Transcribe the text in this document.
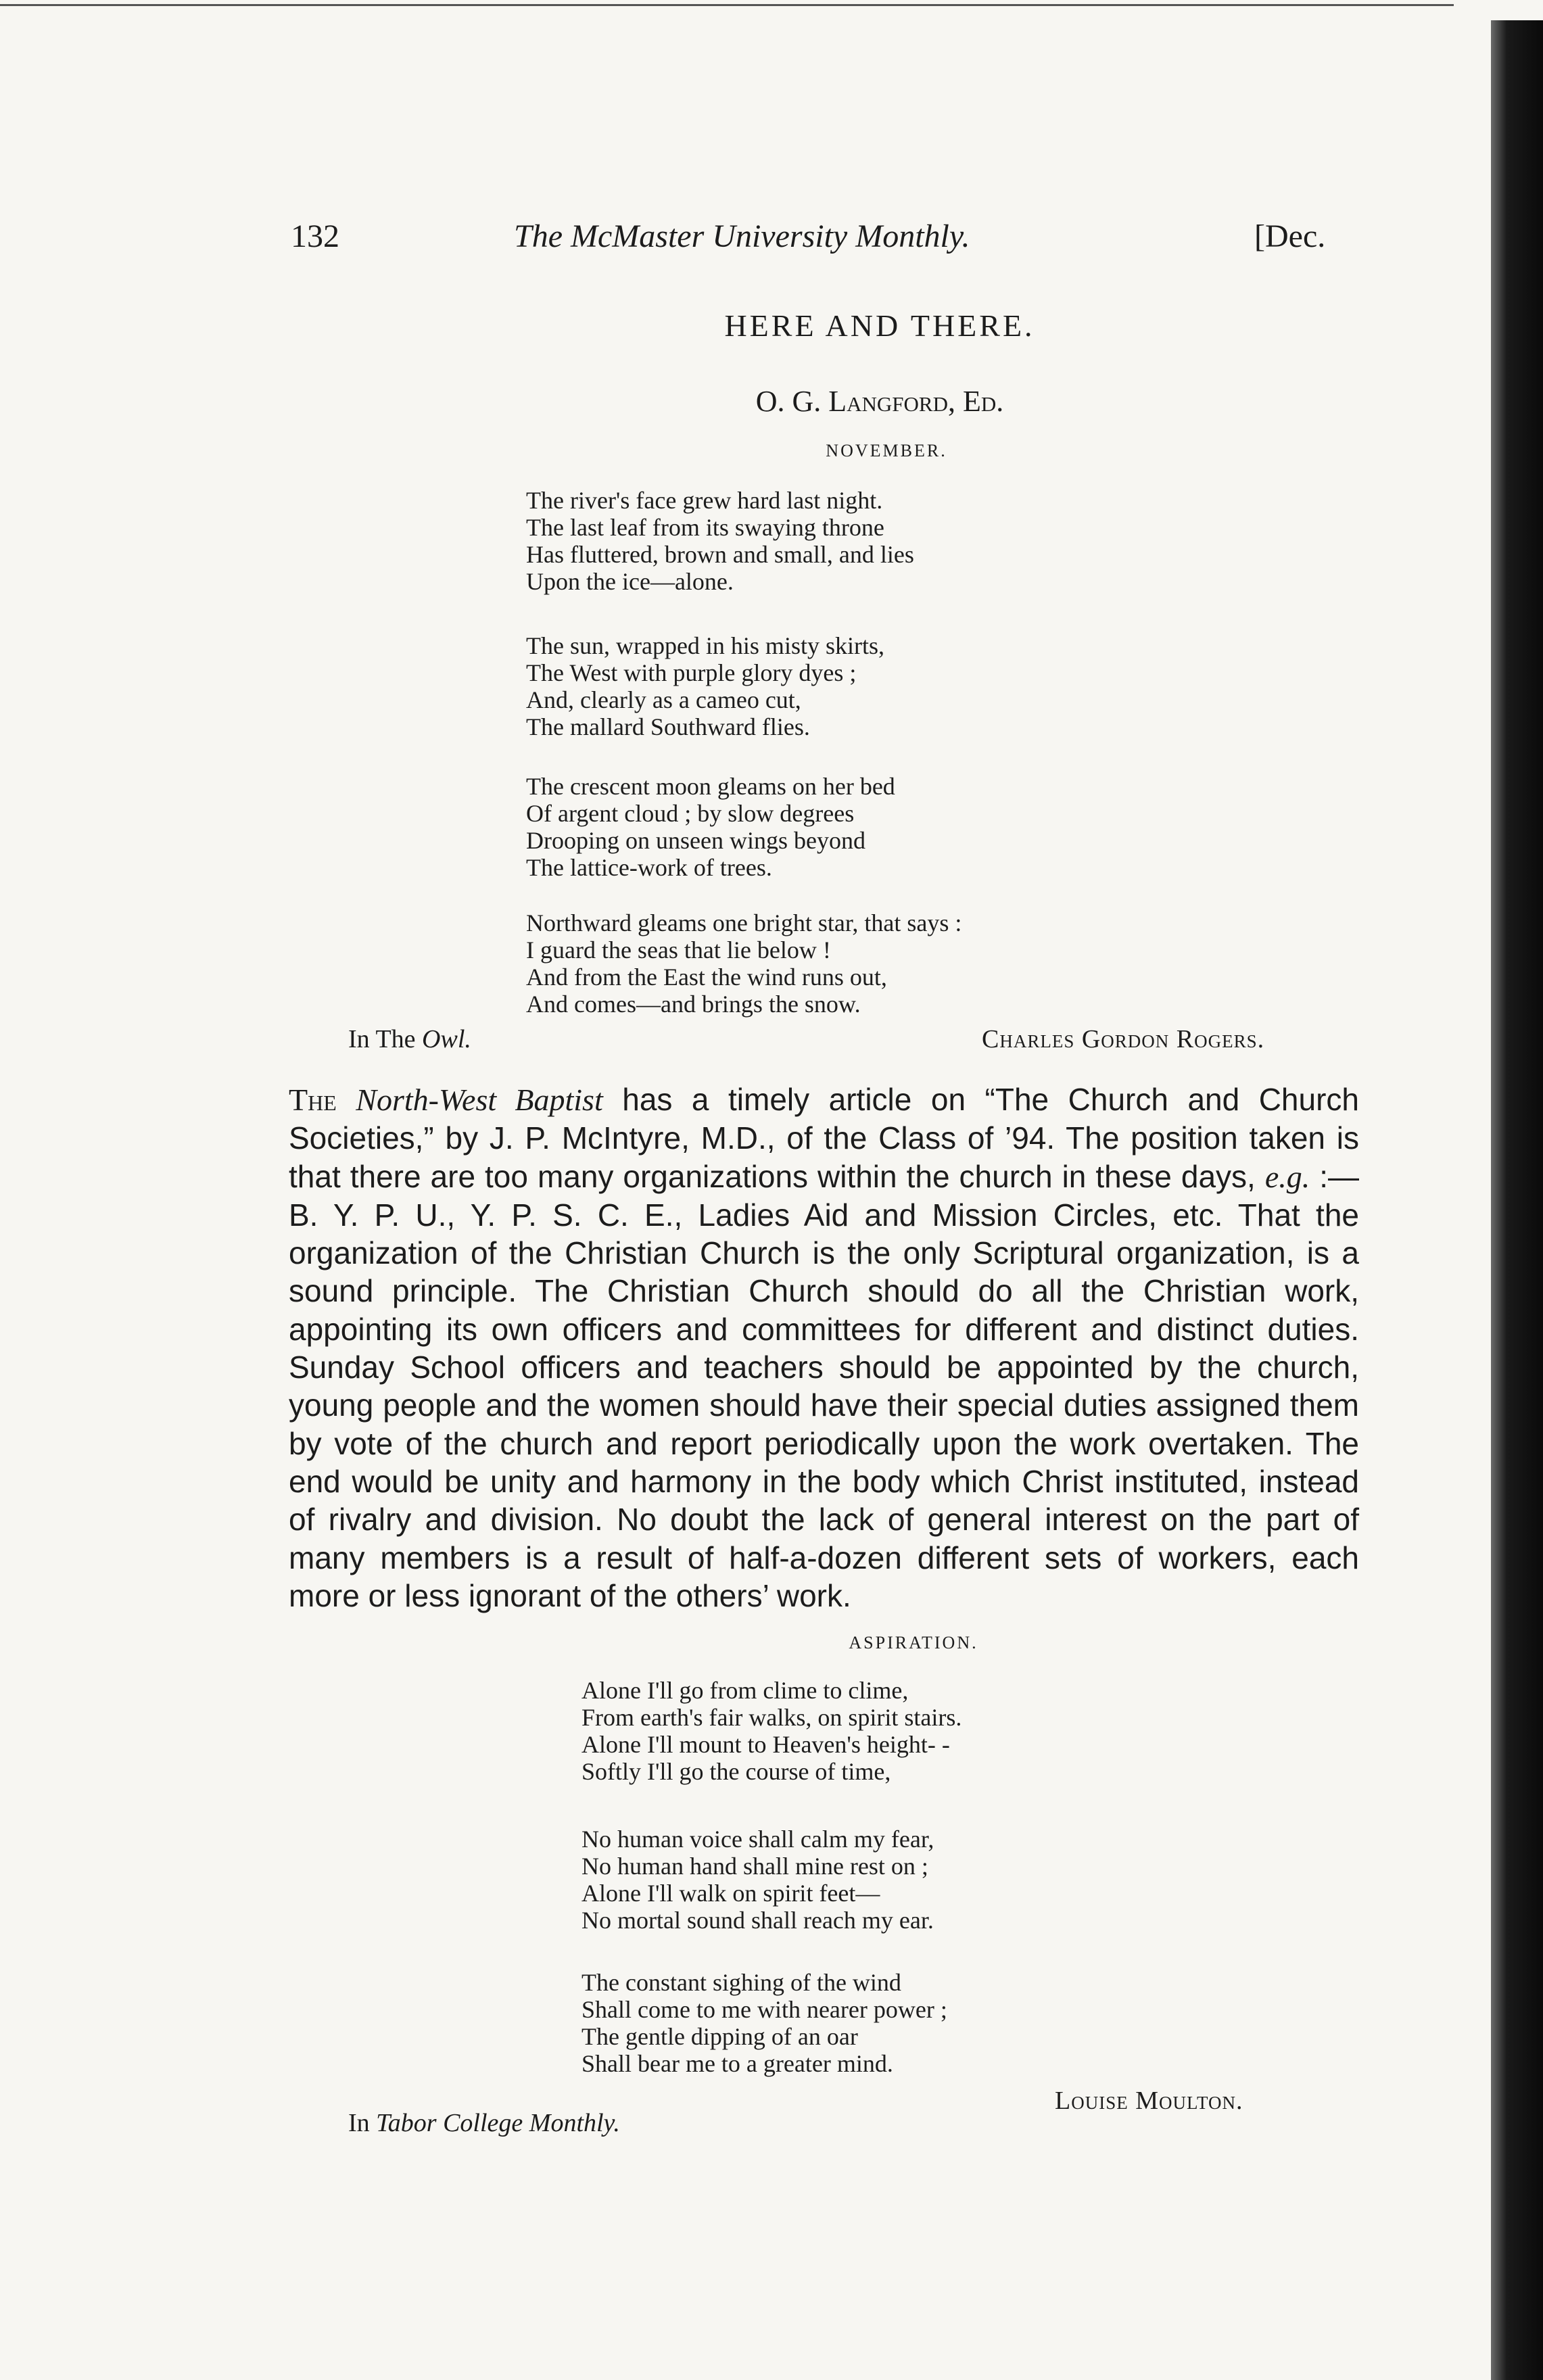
132	The McMaster University Monthly.	[Dec.
HERE AND THERE.
O. G. Langford, Ed.
NOVEMBER.
The river's face grew hard last night.
The last leaf from its swaying throne
Has fluttered, brown and small, and lies
Upon the ice—alone.
The sun, wrapped in his misty skirts,
The West with purple glory dyes ;
And, clearly as a cameo cut,
The mallard Southward flies.
The crescent moon gleams on her bed
Of argent cloud ; by slow degrees
Drooping on unseen wings beyond
The lattice-work of trees.
Northward gleams one bright star, that says :
I guard the seas that lie below !
And from the East the wind runs out,
And comes—and brings the snow.
In The Owl.	Charles Gordon Rogers.
The North-West Baptist has a timely article on “The Church and Church Societies,” by J. P. McIntyre, M.D., of the Class of ’94. The position taken is that there are too many organizations within the church in these days, e.g. :—B. Y. P. U., Y. P. S. C. E., Ladies Aid and Mission Circles, etc. That the organization of the Christian Church is the only Scriptural organization, is a sound principle. The Christian Church should do all the Christian work, appointing its own officers and committees for different and distinct duties. Sunday School officers and teachers should be appointed by the church, young people and the women should have their special duties assigned them by vote of the church and report periodically upon the work overtaken. The end would be unity and harmony in the body which Christ instituted, instead of rivalry and division. No doubt the lack of general interest on the part of many members is a result of half-a-dozen different sets of workers, each more or less ignorant of the others’ work.
ASPIRATION.
Alone I'll go from clime to clime,
From earth's fair walks, on spirit stairs.
Alone I'll mount to Heaven's height- -
Softly I'll go the course of time,
No human voice shall calm my fear,
No human hand shall mine rest on ;
Alone I'll walk on spirit feet—
No mortal sound shall reach my ear.
The constant sighing of the wind
Shall come to me with nearer power ;
The gentle dipping of an oar
Shall bear me to a greater mind.
Louise Moulton.
In Tabor College Monthly.
